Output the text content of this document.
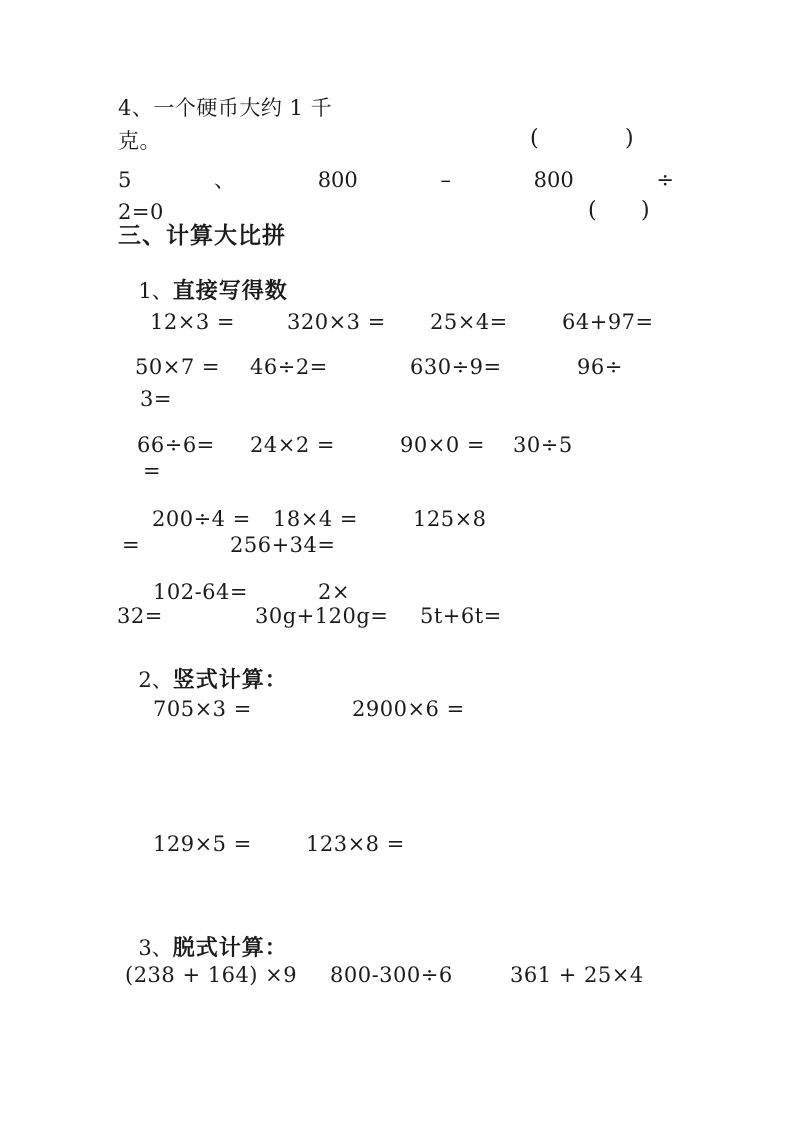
4、一个硬币大约 1 千
克。	(	)
5	、	800	–	800	÷
2=0	( )
三、计算大比拼

1、直接写得数

12×3 = 320×3 = 25×4=	64+97=
50×7 = 46÷2=	630÷9=	96÷
3=
66÷6= 24×2 =	90×0 = 30÷5
=
200÷4 = 18×4 =	125×8
=	256+34=
102-64=	2×
32=	30g+120g= 5t+6t=

2、竖式计算：

705×3 =	2900×6 =
129×5 =	123×8 =

3、脱式计算：

(238 + 164) ×9 800-300÷6	361 + 25×4
